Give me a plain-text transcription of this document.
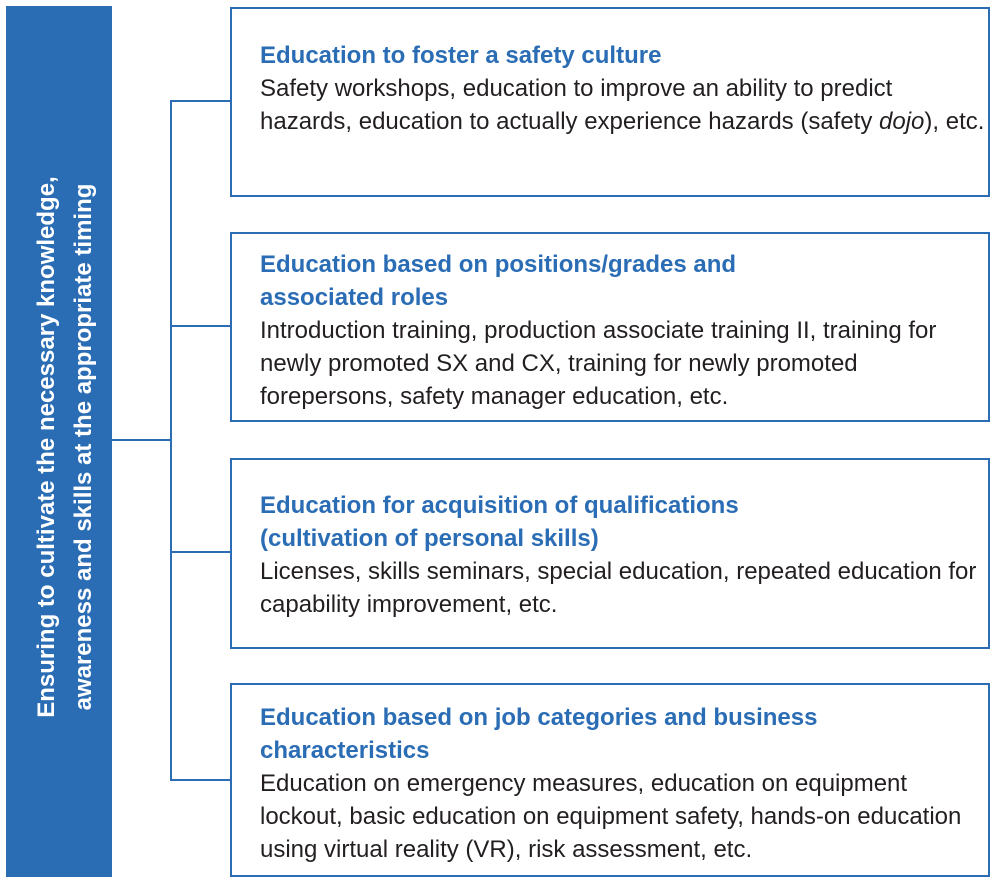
Ensuring to cultivate the necessary knowledge, awareness and skills at the appropriate timing

Education to foster a safety culture

Safety workshops, education to improve an ability to predict hazards, education to actually experience hazards (safety dojo), etc.

Education based on positions/grades and
associated roles

Introduction training, production associate training II, training for newly promoted SX and CX, training for newly promoted forepersons, safety manager education, etc.

Education for acquisition of qualifications
(cultivation of personal skills)

Licenses, skills seminars, special education, repeated education for capability improvement, etc.

Education based on job categories and business
characteristics

Education on emergency measures, education on equipment lockout, basic education on equipment safety, hands-on education using virtual reality (VR), risk assessment, etc.
